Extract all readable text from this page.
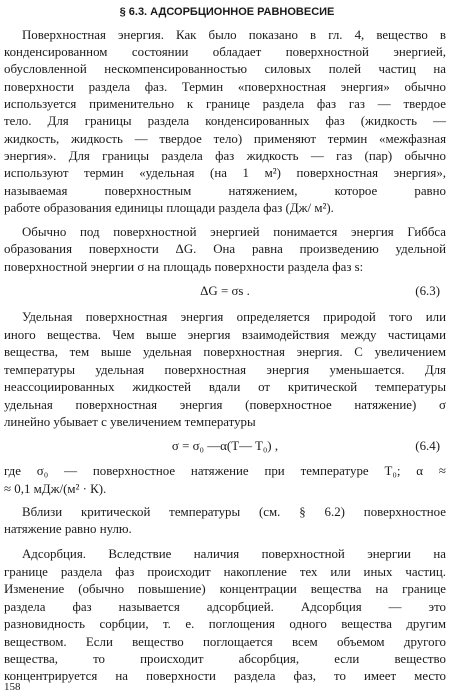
§ 6.3. АДСОРБЦИОННОЕ РАВНОВЕСИЕ
Поверхностная энергия. Как было показано в гл. 4, вещество в
конденсированном состоянии обладает поверхностной энергией,
обусловленной нескомпенсированностью силовых полей частиц на
поверхности раздела фаз. Термин «поверхностная энергия» обычно
используется применительно к границе раздела фаз газ — твердое
тело. Для границы раздела конденсированных фаз (жидкость —
жидкость, жидкость — твердое тело) применяют термин «межфазная
энергия». Для границы раздела фаз жидкость — газ (пар) обычно
используют термин «удельная (на 1 м²) поверхностная энергия»,
называемая поверхностным натяжением, которое равно
работе образования единицы площади раздела фаз (Дж/ м²).
Обычно под поверхностной энергией понимается энергия Гиббса
образования поверхности ΔG. Она равна произведению удельной
поверхностной энергии σ на площадь поверхности раздела фаз s:
ΔG = σs .	(6.3)
Удельная поверхностная энергия определяется природой того или
иного вещества. Чем выше энергия взаимодействия между частицами
вещества, тем выше удельная поверхностная энергия. С увеличением
температуры удельная поверхностная энергия уменьшается. Для
неассоциированных жидкостей вдали от критической температуры
удельная поверхностная энергия (поверхностное натяжение) σ
линейно убывает с увеличением температуры
σ = σ₀ —α(T— T₀) ,	(6.4)
где σ₀ — поверхностное натяжение при температуре T₀; α ≈
≈ 0,1 мДж/(м² · К).
Вблизи критической температуры (см. § 6.2) поверхностное
натяжение равно нулю.
Адсорбция. Вследствие наличия поверхностной энергии на
границе раздела фаз происходит накопление тех или иных частиц.
Изменение (обычно повышение) концентрации вещества на границе
раздела фаз называется адсорбцией. Адсорбция — это
разновидность сорбции, т. е. поглощения одного вещества другим
веществом. Если вещество поглощается всем объемом другого
вещества, то происходит абсорбция, если вещество
концентрируется на поверхности раздела фаз, то имеет место
158
